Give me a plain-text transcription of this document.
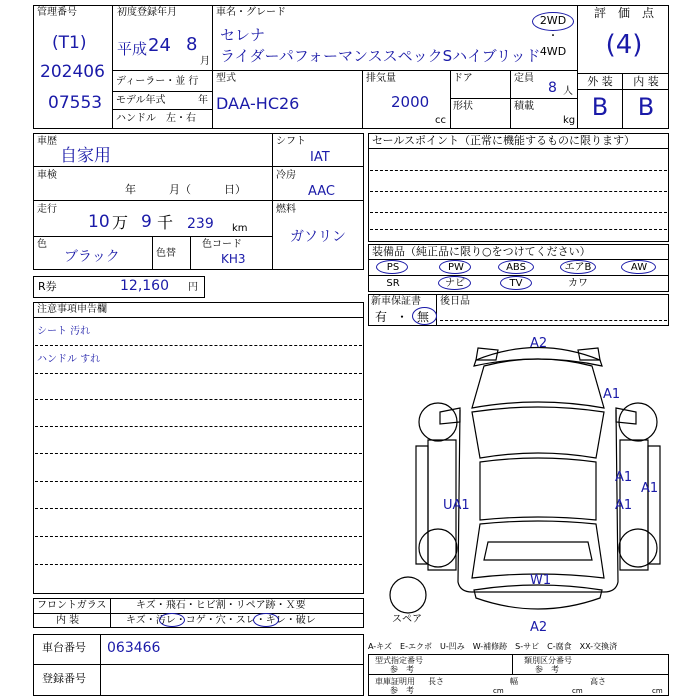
管理番号
(T1)
202406
07553
初度登録年月
平成 24 8
月
車名・グレード
セレナ
ライダーパフォーマンススペックSハイブリッド
2WD
・
4WD
評　価　点
(4)
ディーラー・並 行
モデル年式	年
ハンドル　左・右
型式
DAA-HC26
排気量
2000
cc
ドア
形状
定員
8 人
積載
kg
外 装	内 装
B	B
車歴
自家用
シフト
IAT
車検
年　　　月（　　　日）
冷房
AAC
走行
10 万 9 千 239 km
燃料
ガソリン
色
ブラック	色替
色コード
KH3
R券	12,160 円
セールスポイント（正常に機能するものに限ります）
装備品（純正品に限り○をつけてください）
PS	PW	ABS	エアB	AW
SR	ナビ	TV	カワ
新車保証書 後日品
有 ・ 無
注意事項申告欄
シート 汚れ
ハンドル すれ
フロントガラス	キズ・飛石・ヒビ割・リペア跡・Ｘ要
内 装	キズ・汚レ・コゲ・穴・スレ・キレ・破レ
車台番号 063466
登録番号
A2
A1
A1
A1
A1
UA1
W1
A2
スペア
A-キズ　E-エクボ　U-凹み　W-補修跡　S-サビ　C-腐食　XX-交換済
型式指定番号
参　考
類別区分番号
参　考
車庫証明用
参　考
長さ
cm
幅
cm
高さ
cm
